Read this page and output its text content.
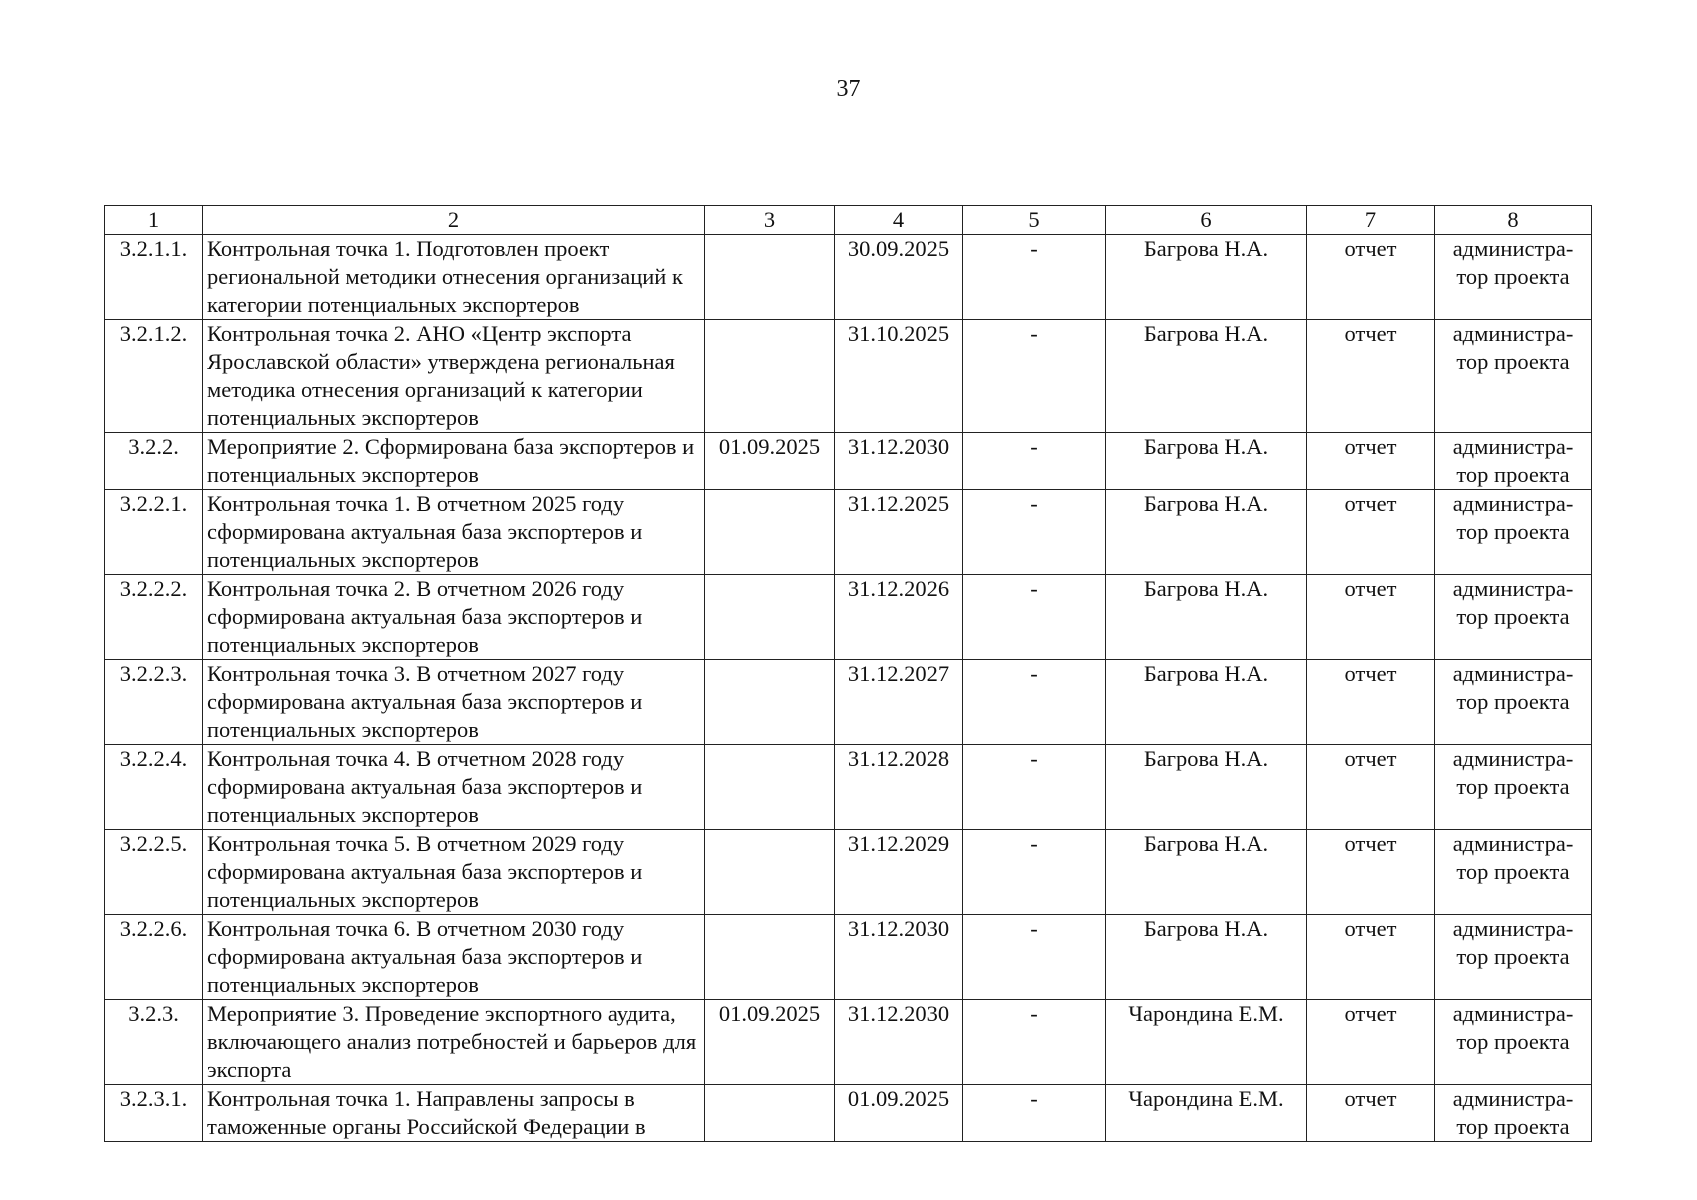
37
1	2	3	4	5	6	7	8
3.2.1.1.	Контрольная точка 1. Подготовлен проект региональной методики отнесения организаций к категории потенциальных экспортеров		30.09.2025	-	Багрова Н.А.	отчет	администра-тор проекта
3.2.1.2.	Контрольная точка 2. АНО «Центр экспорта Ярославской области» утверждена региональная методика отнесения организаций к категории потенциальных экспортеров		31.10.2025	-	Багрова Н.А.	отчет	администра-тор проекта
3.2.2.	Мероприятие 2. Сформирована база экспортеров и потенциальных экспортеров	01.09.2025	31.12.2030	-	Багрова Н.А.	отчет	администра-тор проекта
3.2.2.1.	Контрольная точка 1. В отчетном 2025 году сформирована актуальная база экспортеров и потенциальных экспортеров		31.12.2025	-	Багрова Н.А.	отчет	администра-тор проекта
3.2.2.2.	Контрольная точка 2. В отчетном 2026 году сформирована актуальная база экспортеров и потенциальных экспортеров		31.12.2026	-	Багрова Н.А.	отчет	администра-тор проекта
3.2.2.3.	Контрольная точка 3. В отчетном 2027 году сформирована актуальная база экспортеров и потенциальных экспортеров		31.12.2027	-	Багрова Н.А.	отчет	администра-тор проекта
3.2.2.4.	Контрольная точка 4. В отчетном 2028 году сформирована актуальная база экспортеров и потенциальных экспортеров		31.12.2028	-	Багрова Н.А.	отчет	администра-тор проекта
3.2.2.5.	Контрольная точка 5. В отчетном 2029 году сформирована актуальная база экспортеров и потенциальных экспортеров		31.12.2029	-	Багрова Н.А.	отчет	администра-тор проекта
3.2.2.6.	Контрольная точка 6. В отчетном 2030 году сформирована актуальная база экспортеров и потенциальных экспортеров		31.12.2030	-	Багрова Н.А.	отчет	администра-тор проекта
3.2.3.	Мероприятие 3. Проведение экспортного аудита, включающего анализ потребностей и барьеров для экспорта	01.09.2025	31.12.2030	-	Чарондина Е.М.	отчет	администра-тор проекта
3.2.3.1.	Контрольная точка 1. Направлены запросы в таможенные органы Российской Федерации в		01.09.2025	-	Чарондина Е.М.	отчет	администра-тор проекта
